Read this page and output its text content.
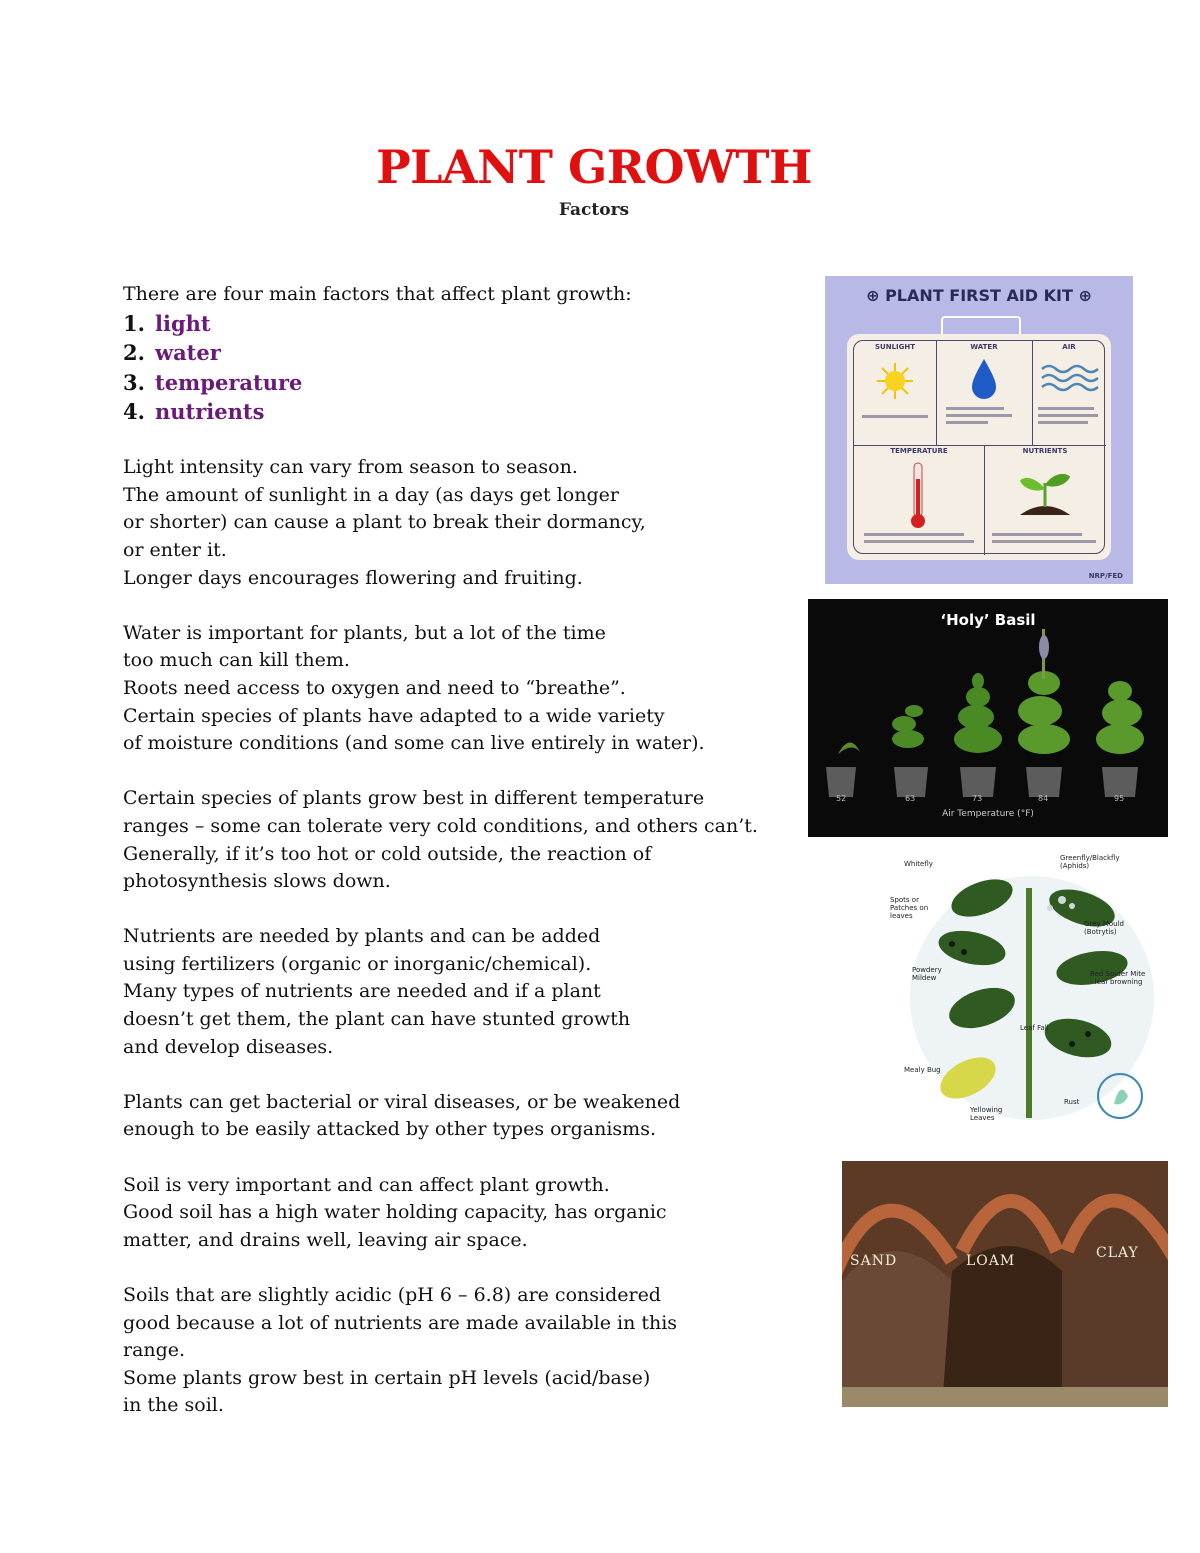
PLANT GROWTH
Factors

There are four main factors that affect plant growth:

1. light
2. water
3. temperature
4. nutrients

Light intensity can vary from season to season.

The amount of sunlight in a day (as days get longer

or shorter) can cause a plant to break their dormancy,

or enter it.

Longer days encourages flowering and fruiting.

Water is important for plants, but a lot of the time

too much can kill them.

Roots need access to oxygen and need to “breathe”.

Certain species of plants have adapted to a wide variety

of moisture conditions (and some can live entirely in water).

Certain species of plants grow best in different temperature

ranges – some can tolerate very cold conditions, and others can’t.

Generally, if it’s too hot or cold outside, the reaction of

photosynthesis slows down.

Nutrients are needed by plants and can be added

using fertilizers (organic or inorganic/chemical).

Many types of nutrients are needed and if a plant

doesn’t get them, the plant can have stunted growth

and develop diseases.

Plants can get bacterial or viral diseases, or be weakened

enough to be easily attacked by other types organisms.

Soil is very important and can affect plant growth.

Good soil has a high water holding capacity, has organic

matter, and drains well, leaving air space.

Soils that are slightly acidic (pH 6 – 6.8) are considered

good because a lot of nutrients are made available in this

range.

Some plants grow best in certain pH levels (acid/base)

in the soil.

⊕ PLANT FIRST AID KIT ⊕
SUNLIGHT	WATER	AIR
TEMPERATURE	NUTRIENTS
NRP/FED
‘Holy’ Basil
52	63	73	84	95
Air Temperature (°F)
Whitefly
Greenfly/Blackfly (Aphids)
Spots or Patches on leaves
Grey Mould (Botrytis)
Powdery Mildew	Red Spider Mite - leaf browning
Leaf Fall
Mealy Bug
Rust
Yellowing Leaves
SAND	LOAM	CLAY
